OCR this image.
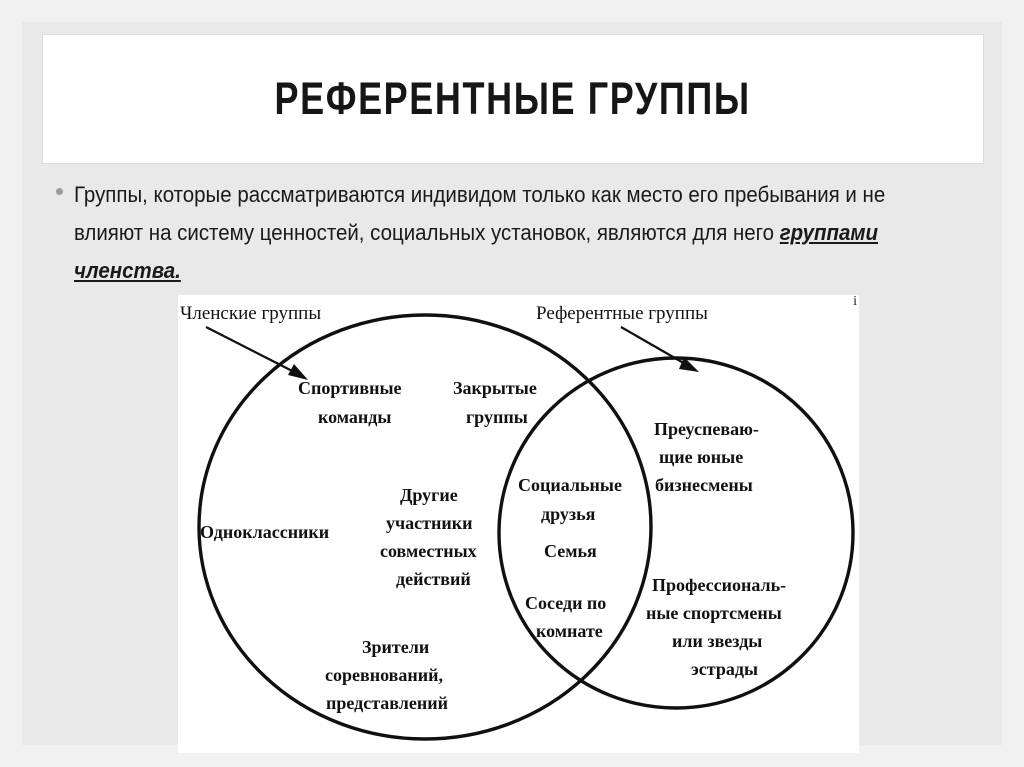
РЕФЕРЕНТНЫЕ ГРУППЫ
Группы, которые рассматриваются индивидом только как место его пребывания и не влияют на систему ценностей, социальных установок, являются для него группами членства.
i
Членские группы	Референтные группы
Спортивные
команды
Закрытые
группы
Одноклассники
Другие
участники
совместных
действий
Зрители
соревнований,
представлений
Социальные
друзья
Семья
Соседи по
комнате
Преуспеваю-
щие юные
бизнесмены
Профессиональ-
ные спортсмены
или звезды
эстрады
